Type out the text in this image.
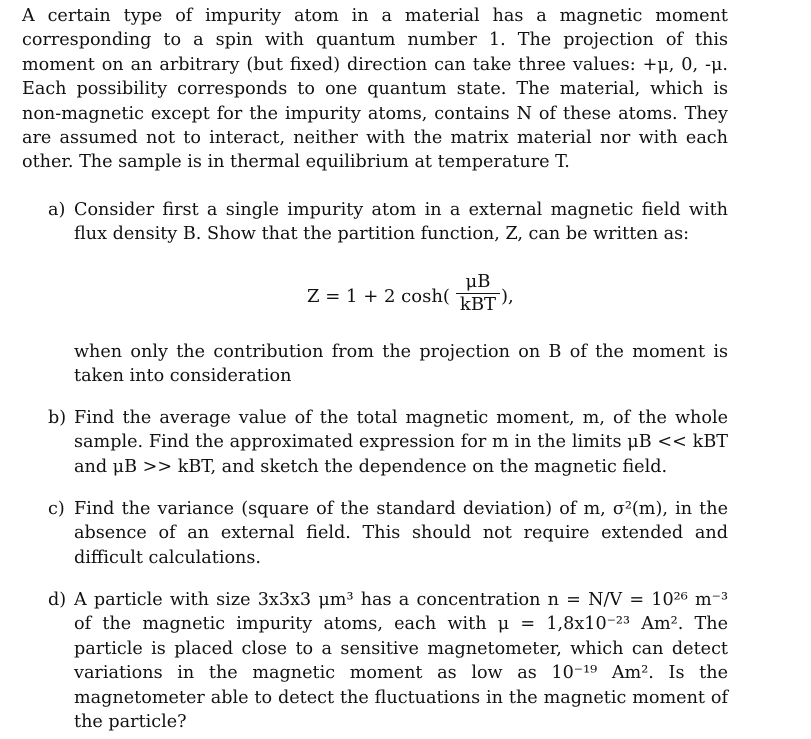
A certain type of impurity atom in a material has a magnetic moment corresponding to a spin with quantum number 1. The projection of this moment on an arbitrary (but fixed) direction can take three values: +μ, 0, -μ. Each possibility corresponds to one quantum state. The material, which is non-magnetic except for the impurity atoms, contains N of these atoms. They are assumed not to interact, neither with the matrix material nor with each other. The sample is in thermal equilibrium at temperature T.

a) Consider first a single impurity atom in a external magnetic field with flux density B. Show that the partition function, Z, can be written as:
Z = 1 + 2 cosh(
μB
kBT ),
when only the contribution from the projection on B of the moment is taken into consideration
b) Find the average value of the total magnetic moment, m, of the whole sample. Find the approximated expression for m in the limits μB << kBT and μB >> kBT, and sketch the dependence on the magnetic field.
c) Find the variance (square of the standard deviation) of m, σ²(m), in the absence of an external field. This should not require extended and difficult calculations.
d) A particle with size 3x3x3 μm³ has a concentration n = N/V = 10²⁶ m⁻³ of the magnetic impurity atoms, each with μ = 1,8x10⁻²³ Am². The particle is placed close to a sensitive magnetometer, which can detect variations in the magnetic moment as low as 10⁻¹⁹ Am². Is the magnetometer able to detect the fluctuations in the magnetic moment of the particle?
